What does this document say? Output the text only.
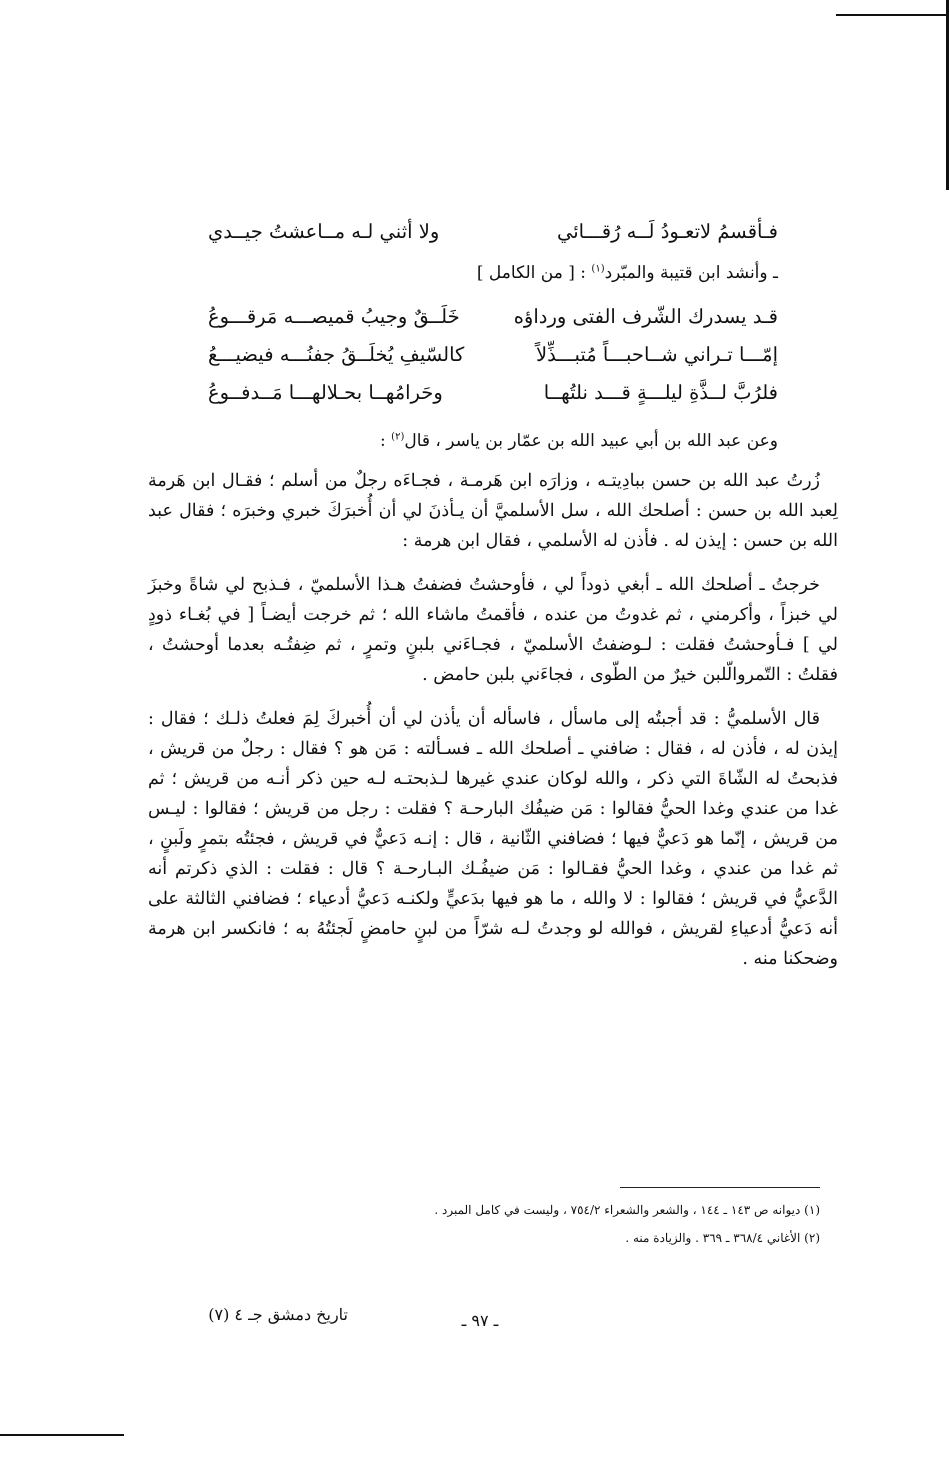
فـأقسمُ لاتعـودُ لَــه رُقـــائي
ولا أثني لـه مــاعشتُ جيــدي
ـ وأنشد ابن قتيبة والمبّرد$^{(١)}$ : [ من الكامل ]
قـد يسدرك الشّرف الفتى ورداؤه
خَلَــقٌ وجيبُ قميصـــه مَرقـــوعُ
إمّـــا تـراني شــاحبـــاً مُتبـــذِّلاً
كالسّيفِ يُخلَــقُ جفنُـــه فيضيـــعُ
فلرُبَّ لــذَّةِ ليلـــةٍ قـــد نلتُهــا
وحَرامُهــا بحـلالهـــا مَــدفــوعُ
وعن عبد الله بن أبي عبيد الله بن عمّار بن ياسر ، قال$^{(٢)}$ :

زُرتُ عبد الله بن حسن ببادِيتـه ، وزارَه ابن هَرمـة ، فجـاءَه رجلٌ من أسلم ؛ فقـال ابن هَرمة لِعبد الله بن حسن : أصلحك الله ، سل الأسلميَّ أن يـأذنَ لي أن أُخبرَكَ خبري وخبرَه ؛ فقال عبد الله بن حسن : إيذن له . فأذن له الأسلمي ، فقال ابن هرمة :

خرجتُ ـ أصلحك الله ـ أبغي ذوداً لي ، فأوحشتُ فضفتُ هـذا الأسلميّ ، فـذبح لي شاةً وخبزَ لي خبزاً ، وأكرمني ، ثم غدوتُ من عنده ، فأقمتُ ماشاء الله ؛ ثم خرجت أيضـاً [ في بُغـاء ذودٍ لي ] فـأوحشتُ فقلت : لـوضفتُ الأسلميّ ، فجـاءَني بلبنٍ وتمرٍ ، ثم ضِفتُـه بعدما أوحشتُ ، فقلتُ : التّمروالّلبن خيرٌ من الطّوى ، فجاءَني بلبن حامض .

قال الأسلميُّ : قد أجبتُه إلى ماسأل ، فاسأله أن يأذن لي أن أُخبركَ لِمَ فعلتُ ذلـك ؛ فقال : إيذن له ، فأذن له ، فقال : ضافني ـ أصلحك الله ـ فسـألته : مَن هو ؟ فقال : رجلٌ من قريش ، فذبحتُ له الشّاةَ التي ذكر ، والله لوكان عندي غيرها لـذبحتـه لـه حين ذكر أنـه من قريش ؛ ثم غدا من عندي وغدا الحيُّ فقالوا : مَن ضيفُك البارحـة ؟ فقلت : رجل من قريش ؛ فقالوا : ليـس من قريش ، إنّما هو دَعيٌّ فيها ؛ فضافني الثّانية ، قال : إنـه دَعيٌّ في قريش ، فجئتُه بتمرٍ ولَبنٍ ، ثم غدا من عندي ، وغدا الحيُّ فقـالوا : مَن ضيفُـك البـارحـة ؟ قال : فقلت : الذي ذكرتم أنه الدَّعيُّ في قريش ؛ فقالوا : لا والله ، ما هو فيها بدَعيٍّ ولكنـه دَعيُّ أدعياء ؛ فضافني الثالثة على أنه دَعيُّ أدعياءِ لقريش ، فوالله لو وجدتُ لـه شرّاً من لبنٍ حامضٍ لَجئتُهُ به ؛ فانكسر ابن هرمة وضحكنا منه .

(١) ديوانه ص ١٤٣ ـ ١٤٤ ، والشعر والشعراء ٧٥٤/٢ ، وليست في كامل المبرد .
(٢) الأغاني ٣٦٨/٤ ـ ٣٦٩ . والزيادة منه .
تاريخ دمشق جـ ٤ (٧)	ـ ٩٧ ـ
